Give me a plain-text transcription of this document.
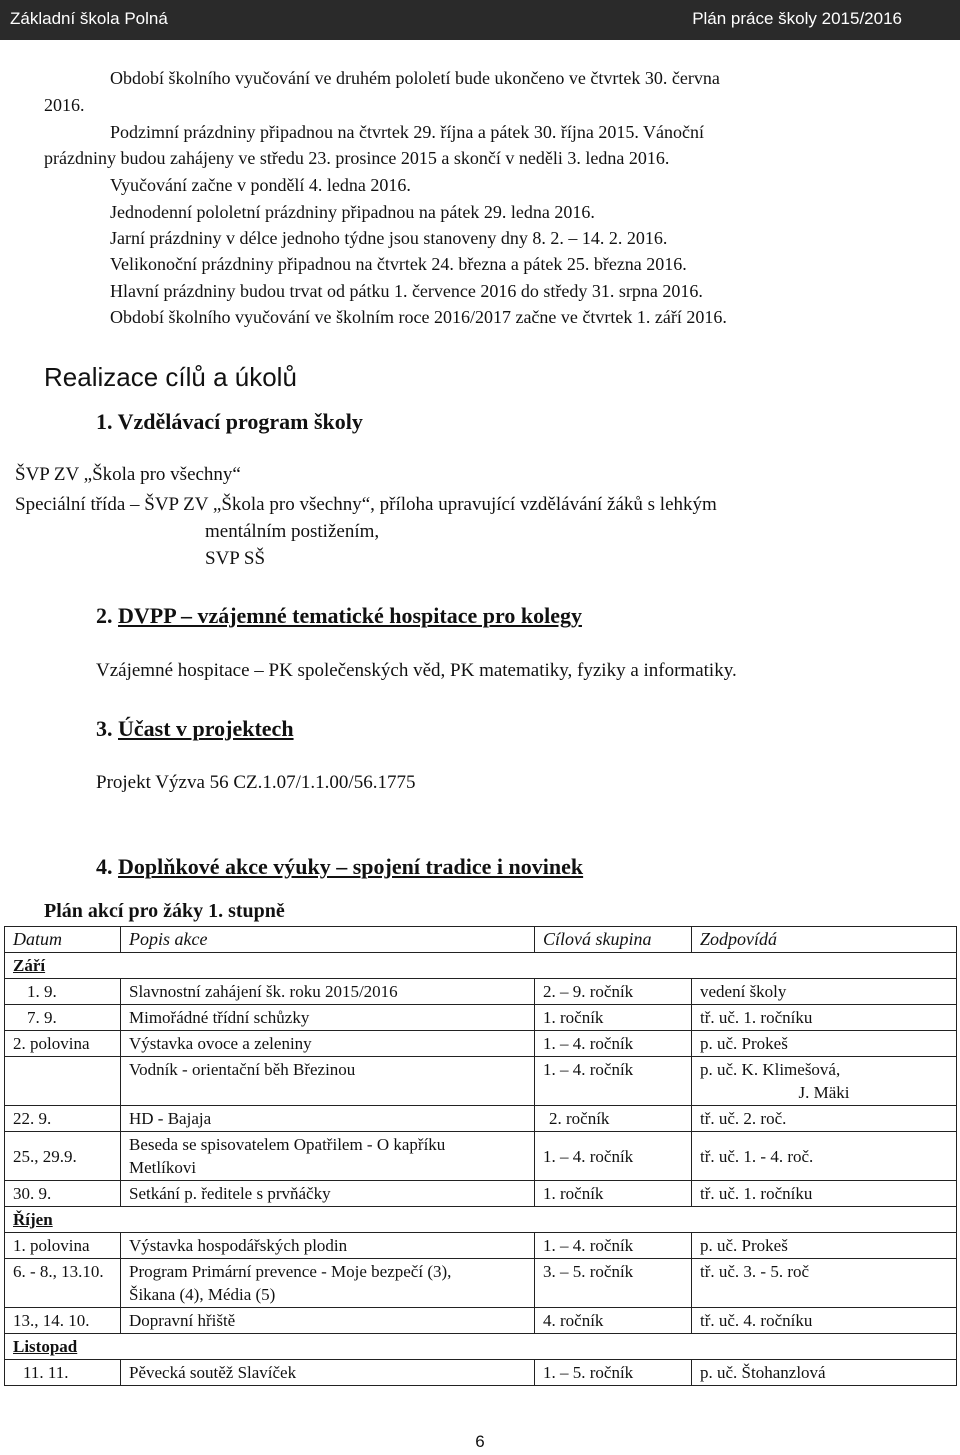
Základní škola Polná	Plán práce školy 2015/2016
Období školního vyučování ve druhém pololetí bude ukončeno ve čtvrtek 30. června
2016.
Podzimní prázdniny připadnou na čtvrtek 29. října a pátek 30. října 2015. Vánoční
prázdniny budou zahájeny ve středu 23. prosince 2015 a skončí v neděli 3. ledna 2016.
Vyučování začne v pondělí 4. ledna 2016.
Jednodenní pololetní prázdniny připadnou na pátek 29. ledna 2016.
Jarní prázdniny v délce jednoho týdne jsou stanoveny dny 8. 2. – 14. 2. 2016.
Velikonoční prázdniny připadnou na čtvrtek 24. března a pátek 25. března 2016.
Hlavní prázdniny budou trvat od pátku 1. července 2016 do středy 31. srpna 2016.
Období školního vyučování ve školním roce 2016/2017 začne ve čtvrtek 1. září 2016.
Realizace cílů a úkolů
1. Vzdělávací program školy
ŠVP ZV „Škola pro všechny“
Speciální třída – ŠVP ZV „Škola pro všechny“, příloha upravující vzdělávání žáků s lehkým
mentálním postižením,
SVP SŠ
2. DVPP – vzájemné tematické hospitace pro kolegy
Vzájemné hospitace – PK společenských věd, PK matematiky, fyziky a informatiky.
3. Účast v projektech
Projekt Výzva 56 CZ.1.07/1.1.00/56.1775
4. Doplňkové akce výuky – spojení tradice i novinek
Plán akcí pro žáky 1. stupně
Datum	Popis akce	Cílová skupina	Zodpovídá
Září			
1. 9.	Slavnostní zahájení šk. roku 2015/2016	2. – 9. ročník	vedení školy
7. 9.	Mimořádné třídní schůzky	1. ročník	tř. uč. 1. ročníku
2. polovina	Výstavka ovoce a zeleniny	1. – 4. ročník	p. uč. Prokeš
	Vodník - orientační běh Březinou	1. – 4. ročník	p. uč. K. Klimešová,
J. Mäki

22. 9.	HD - Bajaja	2. ročník	tř. uč. 2. roč.
25., 29.9.	Beseda se spisovatelem Opatřilem - O kapříku
Metlíkovi	1. – 4. ročník	tř. uč. 1. - 4. roč.
30. 9.	Setkání p. ředitele s prvňáčky	1. ročník	tř. uč. 1. ročníku
Říjen			
1. polovina	Výstavka hospodářských plodin	1. – 4. ročník	p. uč. Prokeš
6. - 8., 13.10.	Program Primární prevence - Moje bezpečí (3),
Šikana (4), Média (5)	3. – 5. ročník	tř. uč. 3. - 5. roč
13., 14. 10.	Dopravní hřiště	4. ročník	tř. uč. 4. ročníku
Listopad			
11. 11.	Pěvecká soutěž Slavíček	1. – 5. ročník	p. uč. Štohanzlová
6
